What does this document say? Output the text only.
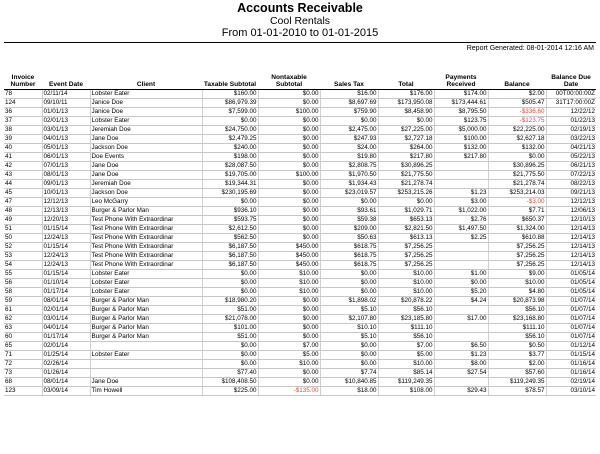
Accounts Receivable
Cool Rentals
From 01-01-2010 to 01-01-2015
Report Generated: 08-01-2014 12:16 AM
Invoice Number	Event Date	Client	Taxable Subtotal	Nontaxable Subtotal	Sales Tax	Total	Payments Received	Balance	Balance Due Date
78	02/11/14	Lobster Eater	$160.00	$0.00	$16.00	$176.00	$174.00	$2.00	00T00:00:00Z
124	09/10/11	Janice Doe	$86,979.39	$0.00	$8,697.69	$173,950.08	$173,444.61	$505.47	31T17:00:00Z
36	01/01/13	Janice Doe	$7,599.00	$100.00	$759.90	$8,458.90	$8,795.50	-$336.60	12/22/12
37	02/01/13	Lobster Eater	$0.00	$0.00	$0.00	$0.00	$123.75	-$123.75	01/22/13
38	03/01/13	Jeremiah Doe	$24,750.00	$0.00	$2,475.00	$27,225.00	$5,000.00	$22,225.00	02/19/13
39	04/01/13	Jane Doe	$2,479.25	$0.00	$247.93	$2,727.18	$100.00	$2,627.18	03/22/13
40	05/01/13	Jackson Doe	$240.00	$0.00	$24.00	$264.00	$132.00	$132.00	04/21/13
41	06/01/13	Doe Events	$198.00	$0.00	$19.80	$217.80	$217.80	$0.00	05/22/13
42	07/01/13	Jane Doe	$28,087.50	$0.00	$2,808.75	$30,896.25		$30,896.25	06/21/13
43	08/01/13	Jane Doe	$19,705.00	$100.00	$1,970.50	$21,775.50		$21,775.50	07/22/13
44	09/01/13	Jeremiah Doe	$19,344.31	$0.00	$1,934.43	$21,278.74		$21,278.74	08/22/13
45	10/01/13	Jackson Doe	$230,195.69	$0.00	$23,019.57	$253,215.26	$1.23	$253,214.03	09/21/13
47	12/12/13	Leo McGarry	$0.00	$0.00	$0.00	$0.00	$3.00	-$3.00	12/12/13
48	12/13/13	Burger & Parlor Man	$936.10	$0.00	$93.61	$1,029.71	$1,022.00	$7.71	12/06/13
49	12/20/13	Test Phone With Extraordinar	$593.75	$0.00	$59.38	$653.13	$2.76	$650.37	12/10/13
51	01/15/14	Test Phone With Extraordinar	$2,612.50	$0.00	$209.00	$2,821.50	$1,497.50	$1,324.00	12/14/13
50	12/24/13	Test Phone With Extraordinar	$562.50	$0.00	$50.63	$613.13	$2.25	$610.88	12/14/13
52	01/15/14	Test Phone With Extraordinar	$6,187.50	$450.00	$618.75	$7,256.25		$7,256.25	12/14/13
53	12/24/13	Test Phone With Extraordinar	$6,187.50	$450.00	$618.75	$7,256.25		$7,256.25	12/14/13
54	12/24/13	Test Phone With Extraordinar	$6,187.50	$450.00	$618.75	$7,256.25		$7,256.25	12/14/13
55	01/15/14	Lobster Eater	$0.00	$10.00	$0.00	$10.00	$1.00	$9.00	01/05/14
56	01/10/14	Lobster Eater	$0.00	$10.00	$0.00	$10.00	$0.00	$10.00	01/05/14
58	01/17/14	Lobster Eater	$0.00	$10.00	$0.00	$10.00	$5.20	$4.80	01/05/14
59	08/01/14	Burger & Parlor Man	$18,980.20	$0.00	$1,898.02	$20,878.22	$4.24	$20,873.98	01/07/14
61	02/01/14	Burger & Parlor Man	$51.00	$0.00	$5.10	$56.10		$56.10	01/07/14
62	03/01/14	Burger & Parlor Man	$21,078.00	$0.00	$2,107.80	$23,185.80	$17.00	$23,168.80	01/07/14
63	04/01/14	Burger & Parlor Man	$101.00	$0.00	$10.10	$111.10		$111.10	01/07/14
60	01/17/14	Burger & Parlor Man	$51.00	$0.00	$5.10	$56.10		$56.10	01/07/14
65	02/01/14		$0.00	$7.00	$0.00	$7.00	$6.50	$0.50	01/12/14
71	01/25/14	Lobster Eater	$0.00	$5.00	$0.00	$5.00	$1.23	$3.77	01/15/14
72	02/26/14		$0.00	$10.00	$0.00	$10.00	$8.00	$2.00	01/16/14
73	01/26/14		$77.40	$0.00	$7.74	$85.14	$27.54	$57.60	01/16/14
68	08/01/14	Jane Doe	$108,408.50	$0.00	$10,840.85	$119,249.35		$119,249.35	02/19/14
123	03/09/14	Tim Howell	$225.00	-$135.00	$18.00	$108.00	$29.43	$78.57	03/10/14
